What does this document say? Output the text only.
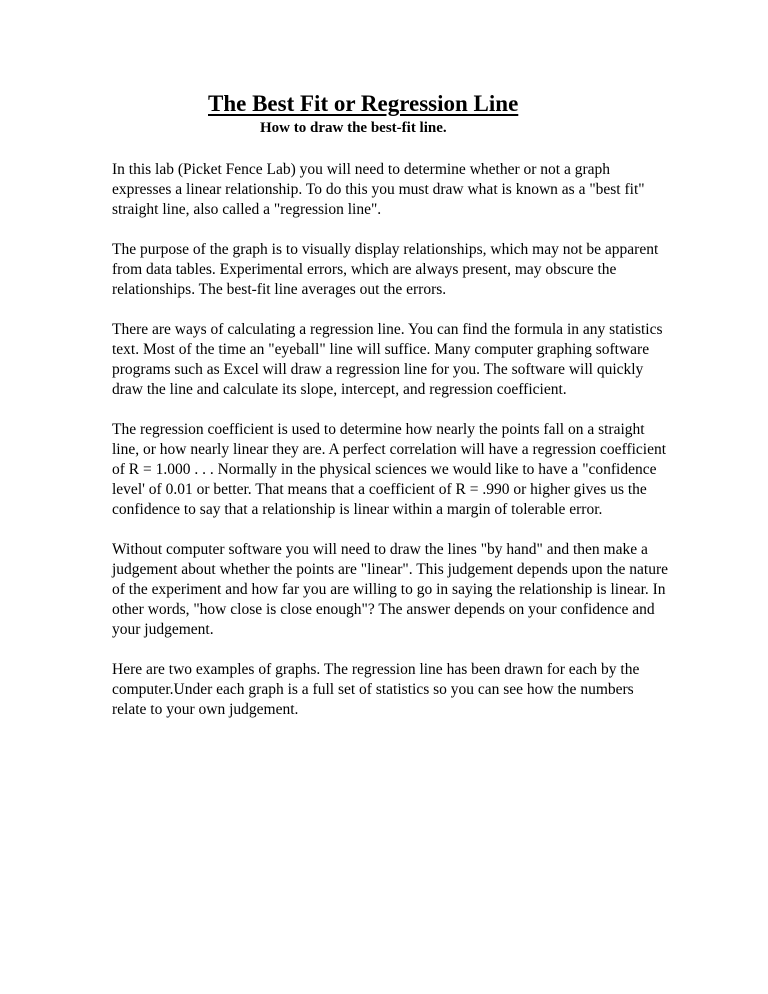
The Best Fit or Regression Line
How to draw the best-fit line.

In this lab (Picket Fence Lab) you will need to determine whether or not a graph
expresses a linear relationship. To do this you must draw what is known as a "best fit"
straight line, also called a "regression line".

The purpose of the graph is to visually display relationships, which may not be apparent
from data tables. Experimental errors, which are always present, may obscure the
relationships. The best-fit line averages out the errors.

There are ways of calculating a regression line. You can find the formula in any statistics
text. Most of the time an "eyeball" line will suffice. Many computer graphing software
programs such as Excel will draw a regression line for you. The software will quickly
draw the line and calculate its slope, intercept, and regression coefficient.

The regression coefficient is used to determine how nearly the points fall on a straight
line, or how nearly linear they are. A perfect correlation will have a regression coefficient
of R = 1.000 . . . Normally in the physical sciences we would like to have a "confidence
level' of 0.01 or better. That means that a coefficient of R = .990 or higher gives us the
confidence to say that a relationship is linear within a margin of tolerable error.

Without computer software you will need to draw the lines "by hand" and then make a
judgement about whether the points are "linear". This judgement depends upon the nature
of the experiment and how far you are willing to go in saying the relationship is linear. In
other words, "how close is close enough"? The answer depends on your confidence and
your judgement.

Here are two examples of graphs. The regression line has been drawn for each by the
computer.Under each graph is a full set of statistics so you can see how the numbers
relate to your own judgement.
